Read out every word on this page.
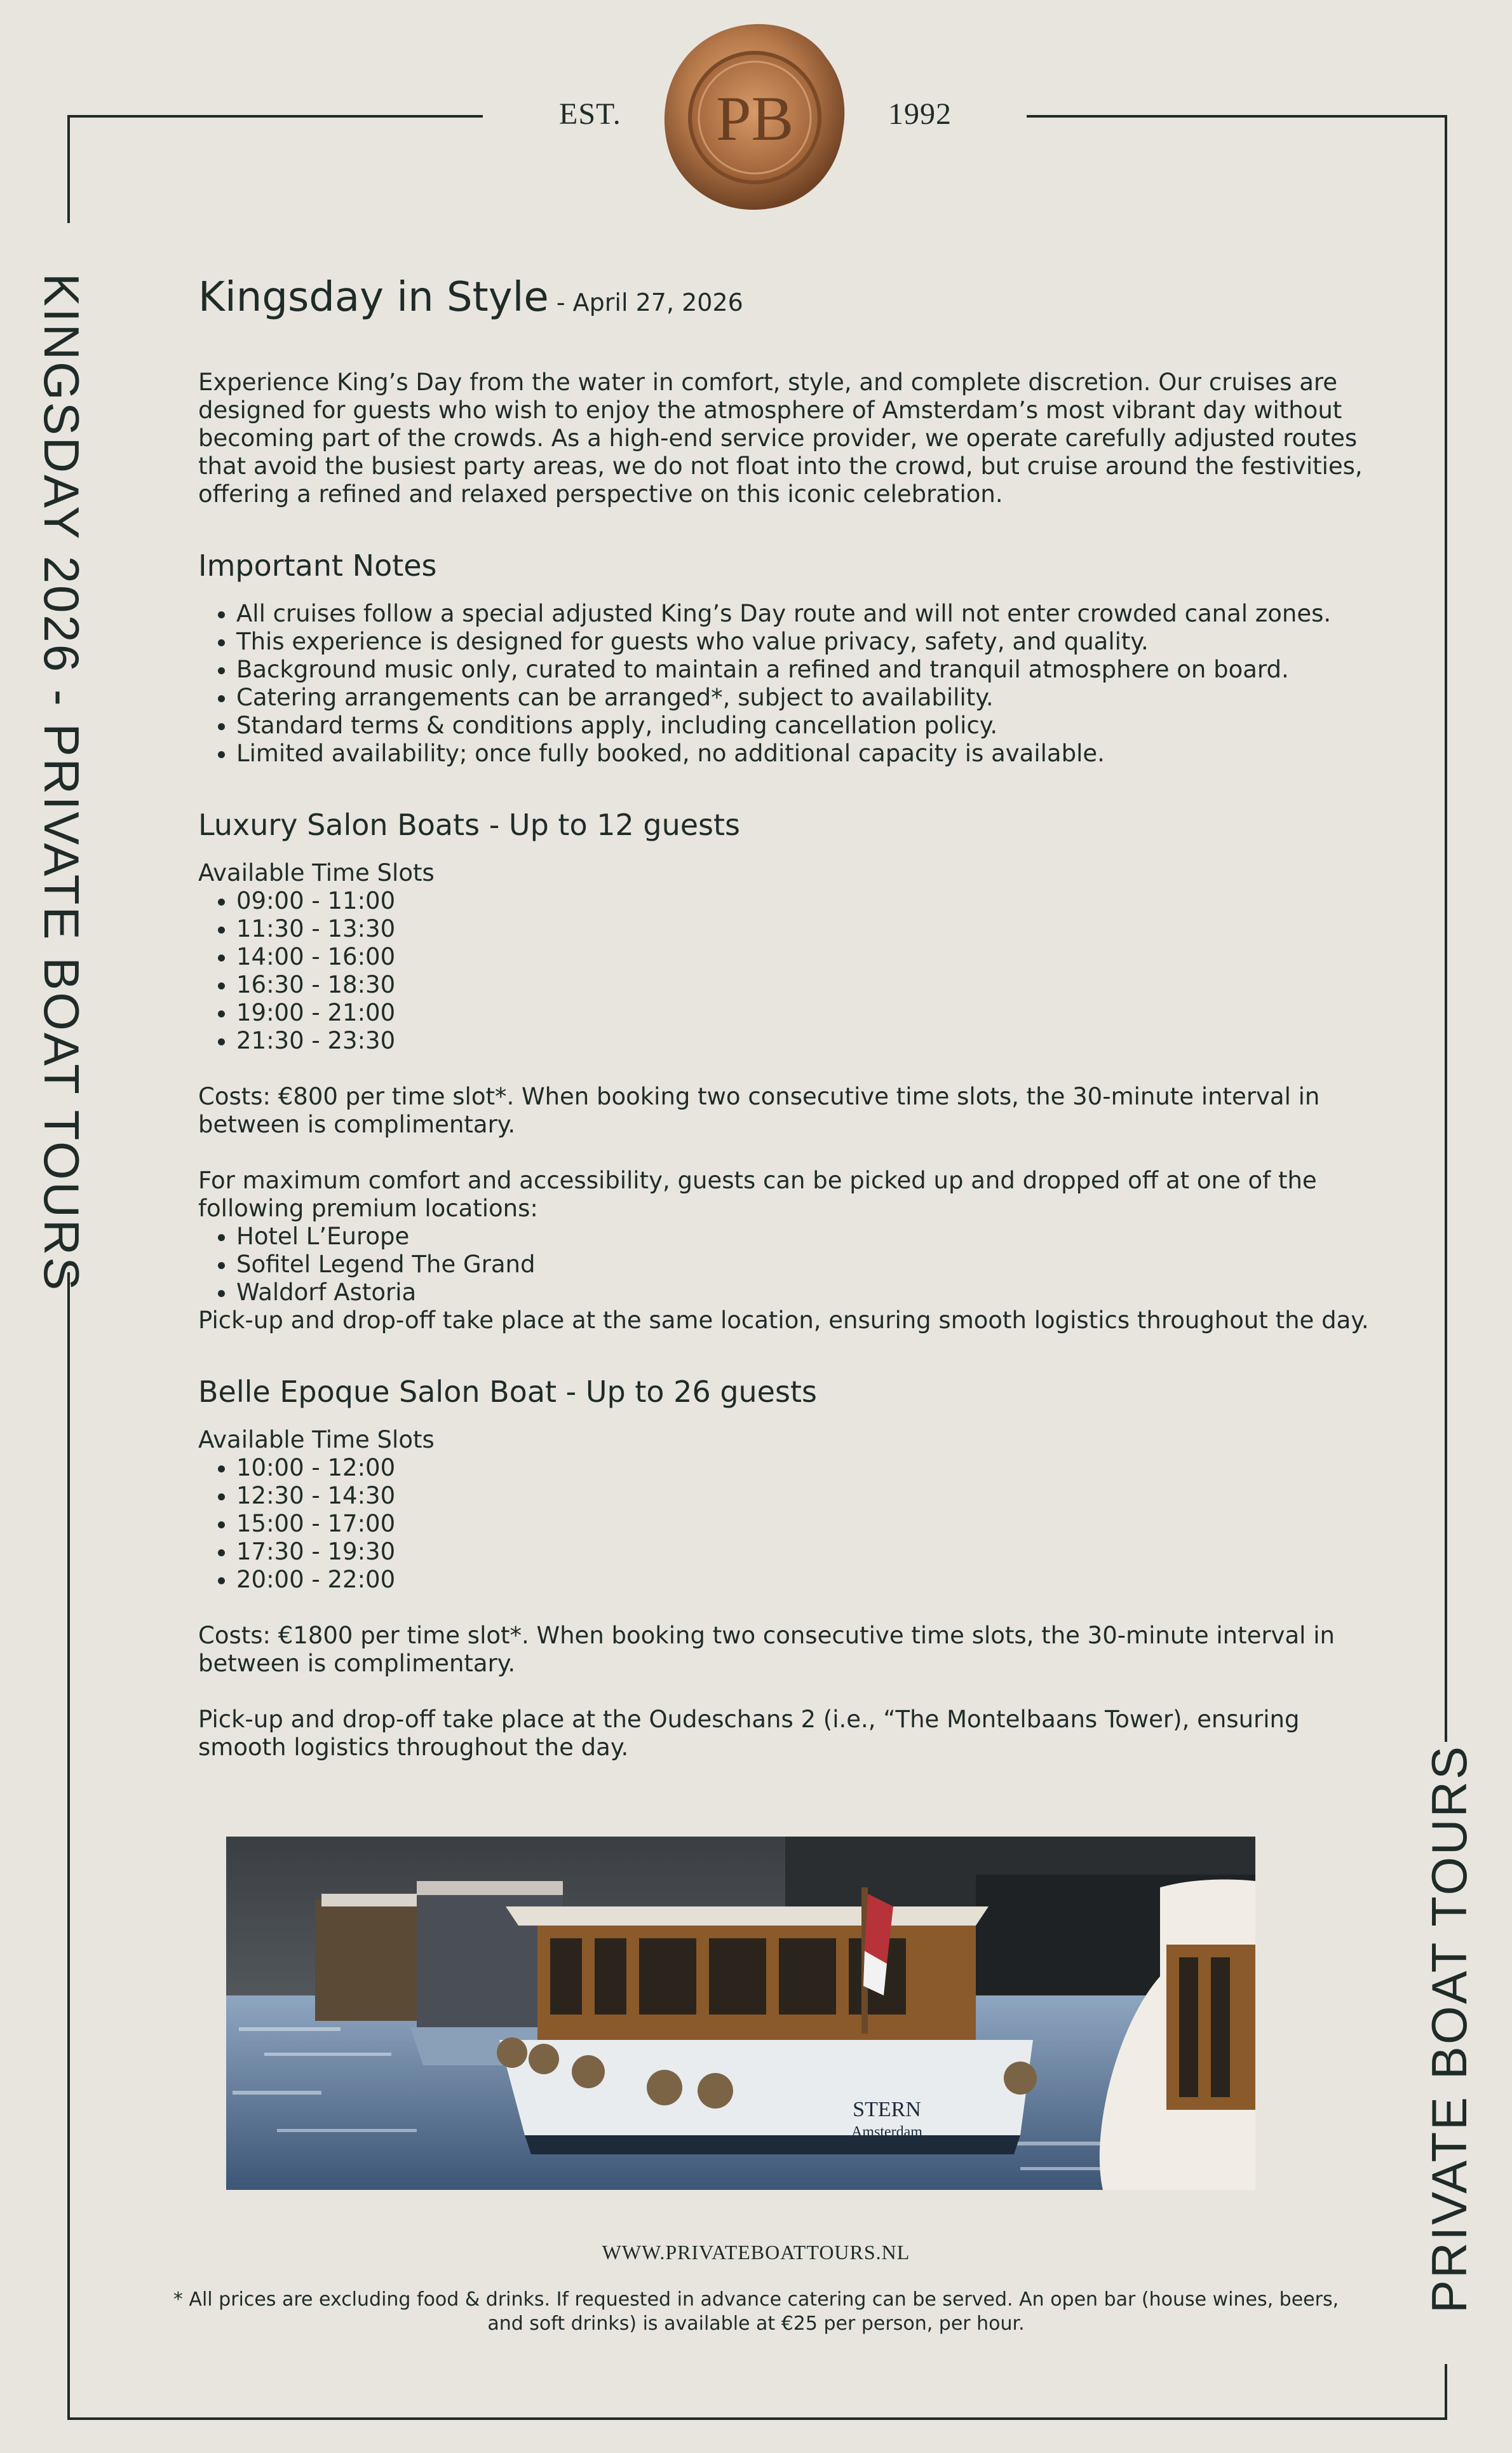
EST.	1992
PB
KINGSDAY 2026 - PRIVATE BOAT TOURS
PRIVATE BOAT TOURS
Kingsday in Style - April 27, 2026

Experience King’s Day from the water in comfort, style, and complete discretion. Our cruises are designed for guests who wish to enjoy the atmosphere of Amsterdam’s most vibrant day without becoming part of the crowds. As a high-end service provider, we operate carefully adjusted routes that avoid the busiest party areas, we do not float into the crowd, but cruise around the festivities, offering a refined and relaxed perspective on this iconic celebration.

Important Notes
• All cruises follow a special adjusted King’s Day route and will not enter crowded canal zones.
• This experience is designed for guests who value privacy, safety, and quality.
• Background music only, curated to maintain a refined and tranquil atmosphere on board.
• Catering arrangements can be arranged*, subject to availability.
• Standard terms & conditions apply, including cancellation policy.
• Limited availability; once fully booked, no additional capacity is available.
Luxury Salon Boats - Up to 12 guests
Available Time Slots
• 09:00 - 11:00
• 11:30 - 13:30
• 14:00 - 16:00
• 16:30 - 18:30
• 19:00 - 21:00
• 21:30 - 23:30

Costs: €800 per time slot*. When booking two consecutive time slots, the 30-minute interval in between is complimentary.

For maximum comfort and accessibility, guests can be picked up and dropped off at one of the following premium locations:

• Hotel L’Europe
• Sofitel Legend The Grand
• Waldorf Astoria

Pick-up and drop-off take place at the same location, ensuring smooth logistics throughout the day.

Belle Epoque Salon Boat - Up to 26 guests
Available Time Slots
• 10:00 - 12:00
• 12:30 - 14:30
• 15:00 - 17:00
• 17:30 - 19:30
• 20:00 - 22:00

Costs: €1800 per time slot*. When booking two consecutive time slots, the 30-minute interval in between is complimentary.

Pick-up and drop-off take place at the Oudeschans 2 (i.e., “The Montelbaans Tower), ensuring smooth logistics throughout the day.

STERN
Amsterdam
WWW.PRIVATEBOATTOURS.NL
* All prices are excluding food & drinks. If requested in advance catering can be served. An open bar (house wines, beers, and soft drinks) is available at €25 per person, per hour.
